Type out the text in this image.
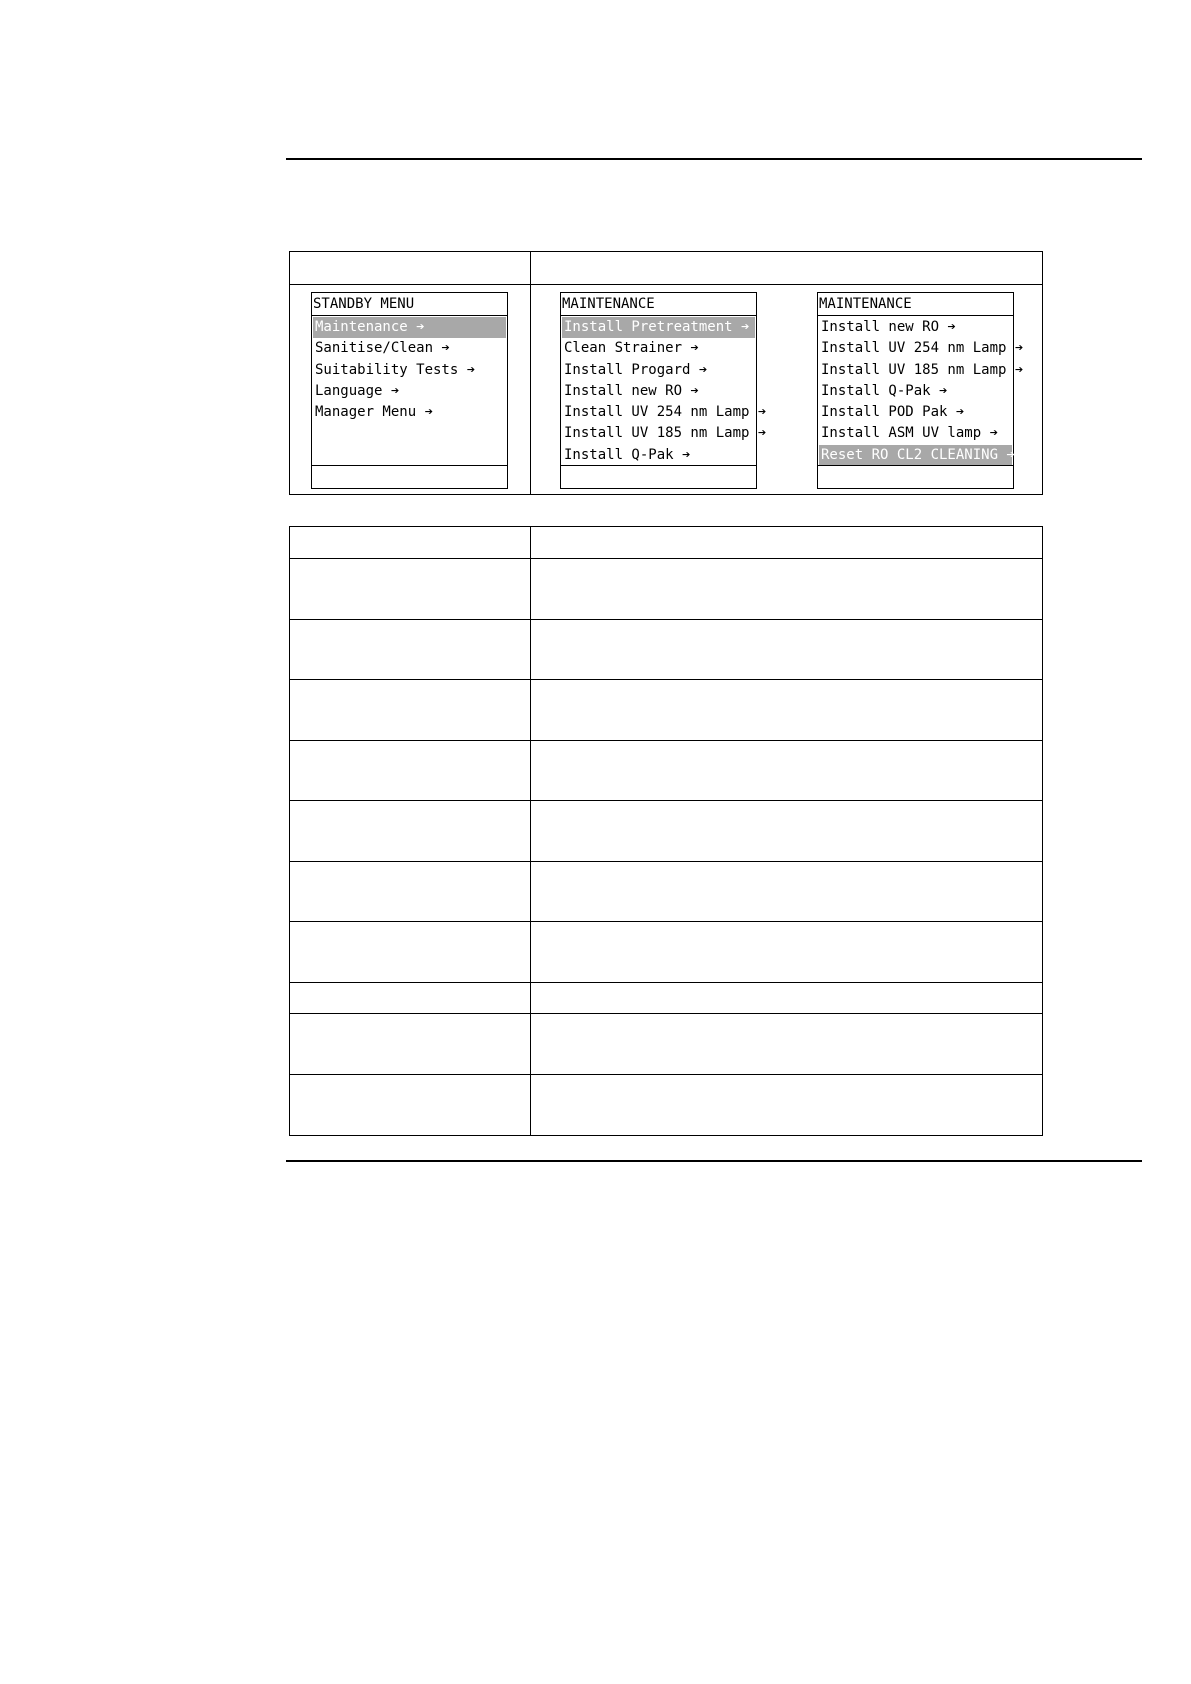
STANDBY MENU
Maintenance ➔
Sanitise/Clean ➔
Suitability Tests ➔
Language ➔
Manager Menu ➔
MAINTENANCE
Install Pretreatment ➔
Clean Strainer ➔
Install Progard ➔
Install new RO ➔
Install UV 254 nm Lamp ➔
Install UV 185 nm Lamp ➔
Install Q-Pak ➔
MAINTENANCE
Install new RO ➔
Install UV 254 nm Lamp ➔
Install UV 185 nm Lamp ➔
Install Q-Pak ➔
Install POD Pak ➔
Install ASM UV lamp ➔
Reset RO CL2 CLEANING ➔
